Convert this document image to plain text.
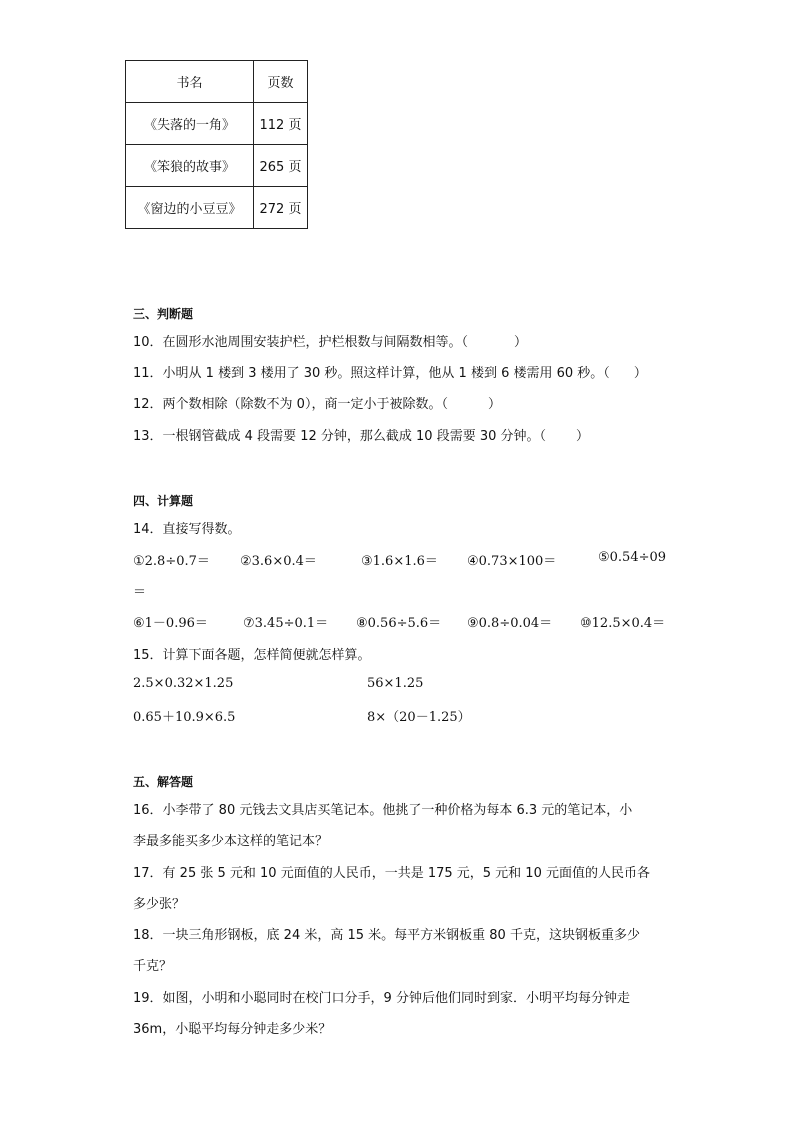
书名	页数
《失落的一角》	112 页
《笨狼的故事》	265 页
《窗边的小豆豆》	272 页
三、判断题
10．在圆形水池周围安装护栏，护栏根数与间隔数相等。（	）
11．小明从 1 楼到 3 楼用了 30 秒。照这样计算，他从 1 楼到 6 楼需用 60 秒。（ ）
12．两个数相除（除数不为 0），商一定小于被除数。（	）
13．一根钢管截成 4 段需要 12 分钟，那么截成 10 段需要 30 分钟。（ ）
四、计算题
14．直接写得数。
①2.8÷0.7＝ ②3.6×0.4＝	③1.6×1.6＝ ④0.73×100＝	⑤0.54÷09
＝
⑥1－0.96＝	⑦3.45÷0.1＝ ⑧0.56÷5.6＝ ⑨0.8÷0.04＝ ⑩12.5×0.4＝
15．计算下面各题，怎样简便就怎样算。
2.5×0.32×1.25	56×1.25
0.65＋10.9×6.5	8×（20－1.25）
五、解答题
16．小李带了 80 元钱去文具店买笔记本。他挑了一种价格为每本 6.3 元的笔记本，小
李最多能买多少本这样的笔记本？
17．有 25 张 5 元和 10 元面值的人民币，一共是 175 元，5 元和 10 元面值的人民币各
多少张？
18．一块三角形钢板，底 24 米，高 15 米。每平方米钢板重 80 千克，这块钢板重多少
千克？
19．如图，小明和小聪同时在校门口分手，9 分钟后他们同时到家．小明平均每分钟走
36m，小聪平均每分钟走多少米？
